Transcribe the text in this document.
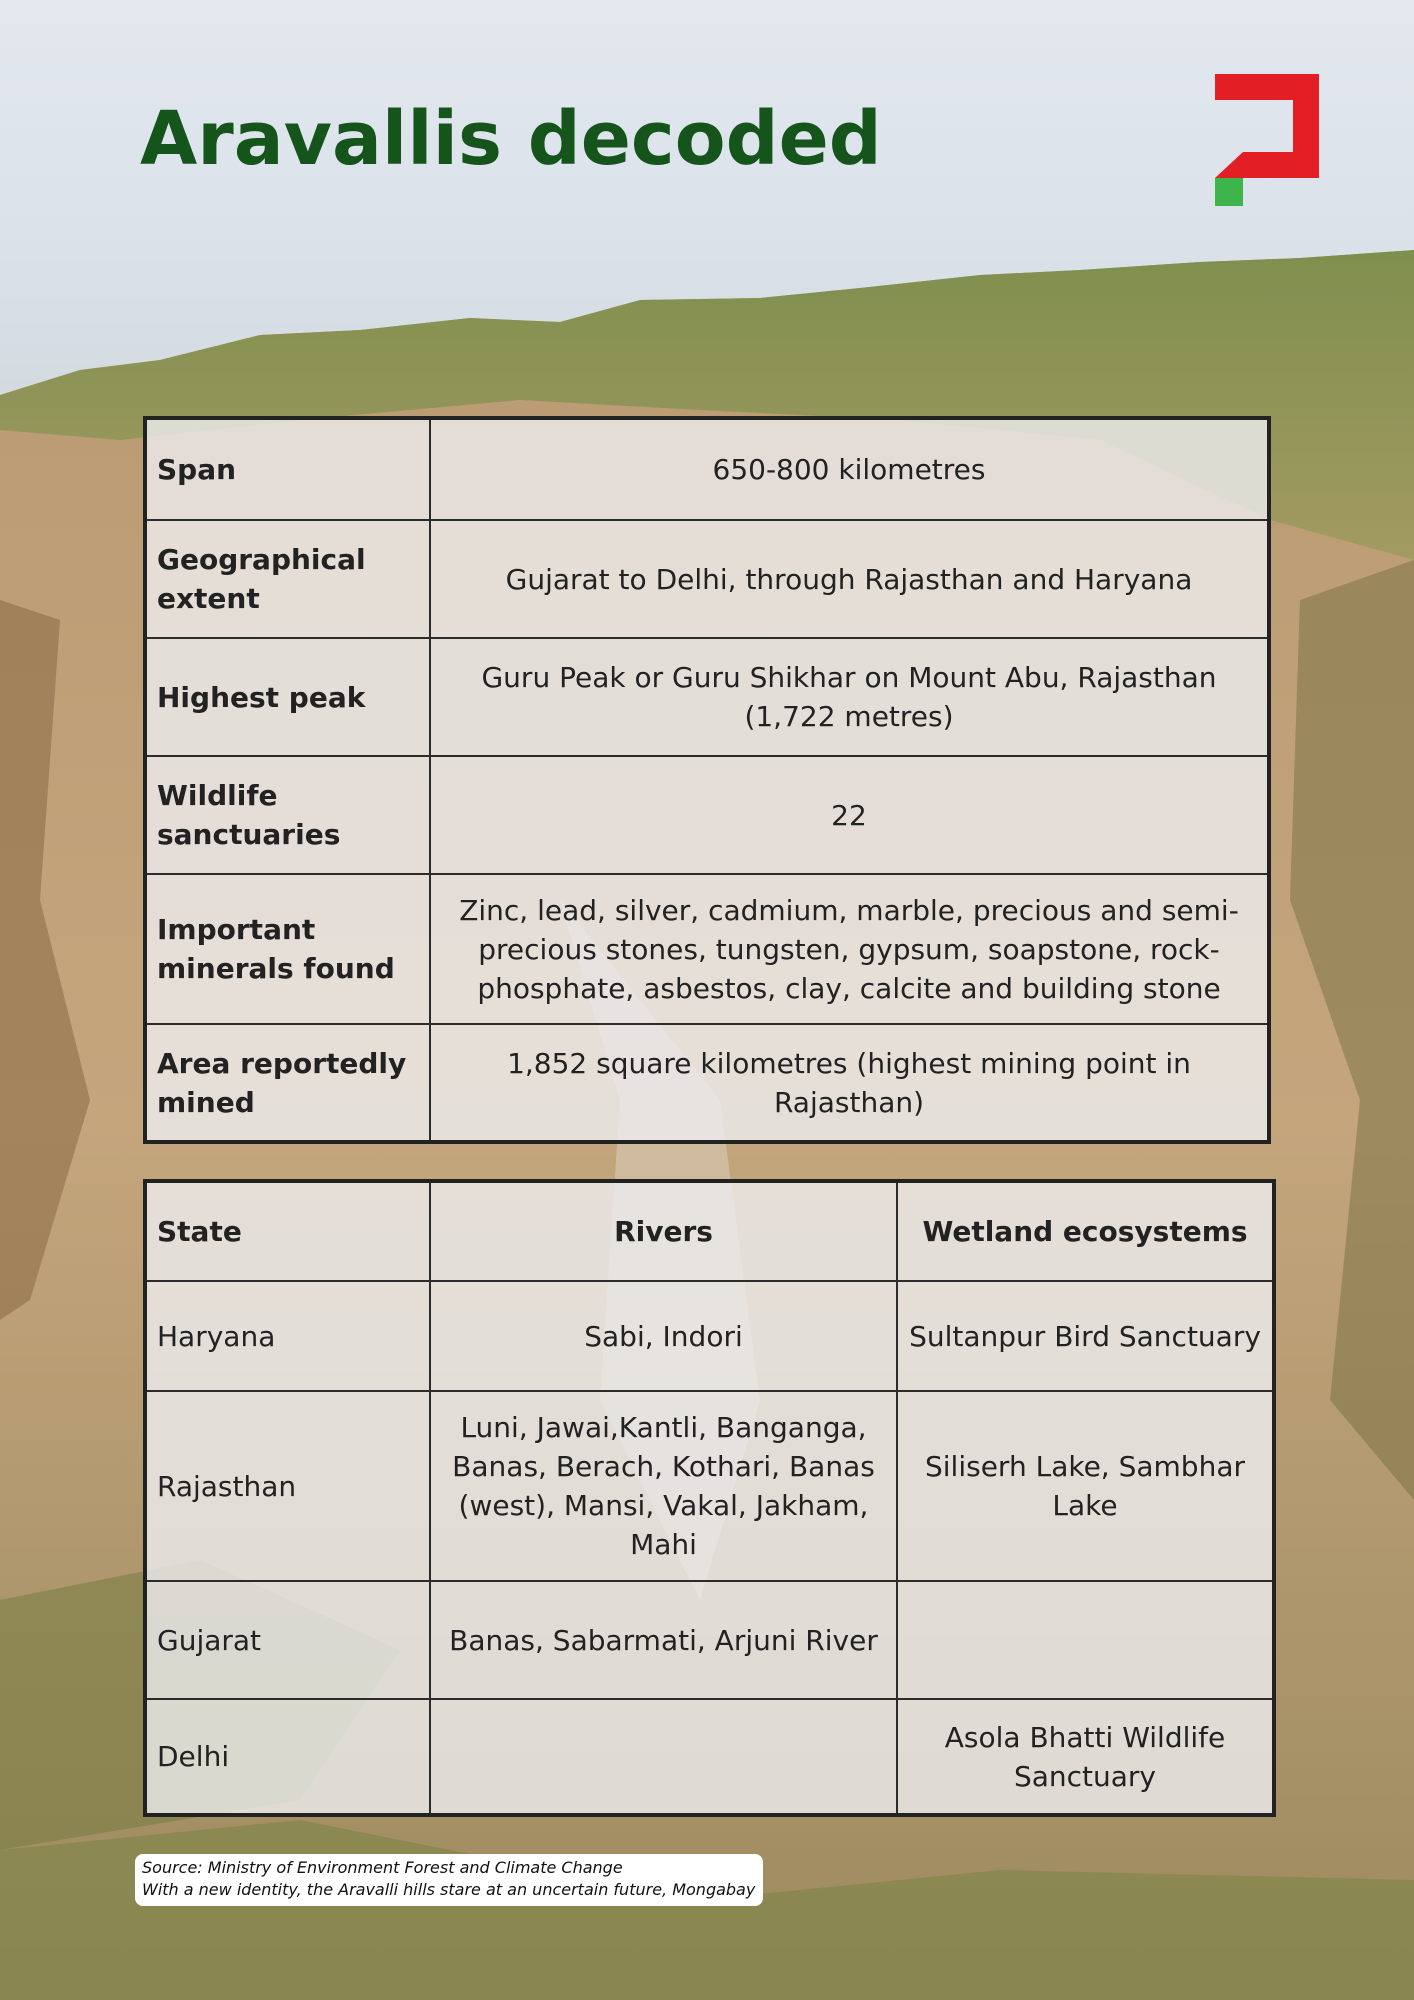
Aravallis decoded
Span	650-800 kilometres
Geographical extent	Gujarat to Delhi, through Rajasthan and Haryana
Highest peak	Guru Peak or Guru Shikhar on Mount Abu, Rajasthan (1,722 metres)
Wildlife sanctuaries	22
Important minerals found	Zinc, lead, silver, cadmium, marble, precious and semi-precious stones, tungsten, gypsum, soapstone, rock-phosphate, asbestos, clay, calcite and building stone
Area reportedly mined	1,852 square kilometres (highest mining point in Rajasthan)
State	Rivers	Wetland ecosystems
Haryana	Sabi, Indori	Sultanpur Bird Sanctuary
Rajasthan	Luni, Jawai,Kantli, Banganga, Banas, Berach, Kothari, Banas (west), Mansi, Vakal, Jakham, Mahi	Siliserh Lake, Sambhar Lake
Gujarat	Banas, Sabarmati, Arjuni River	
Delhi		Asola Bhatti Wildlife Sanctuary
Source: Ministry of Environment Forest and Climate Change
With a new identity, the Aravalli hills stare at an uncertain future, Mongabay
